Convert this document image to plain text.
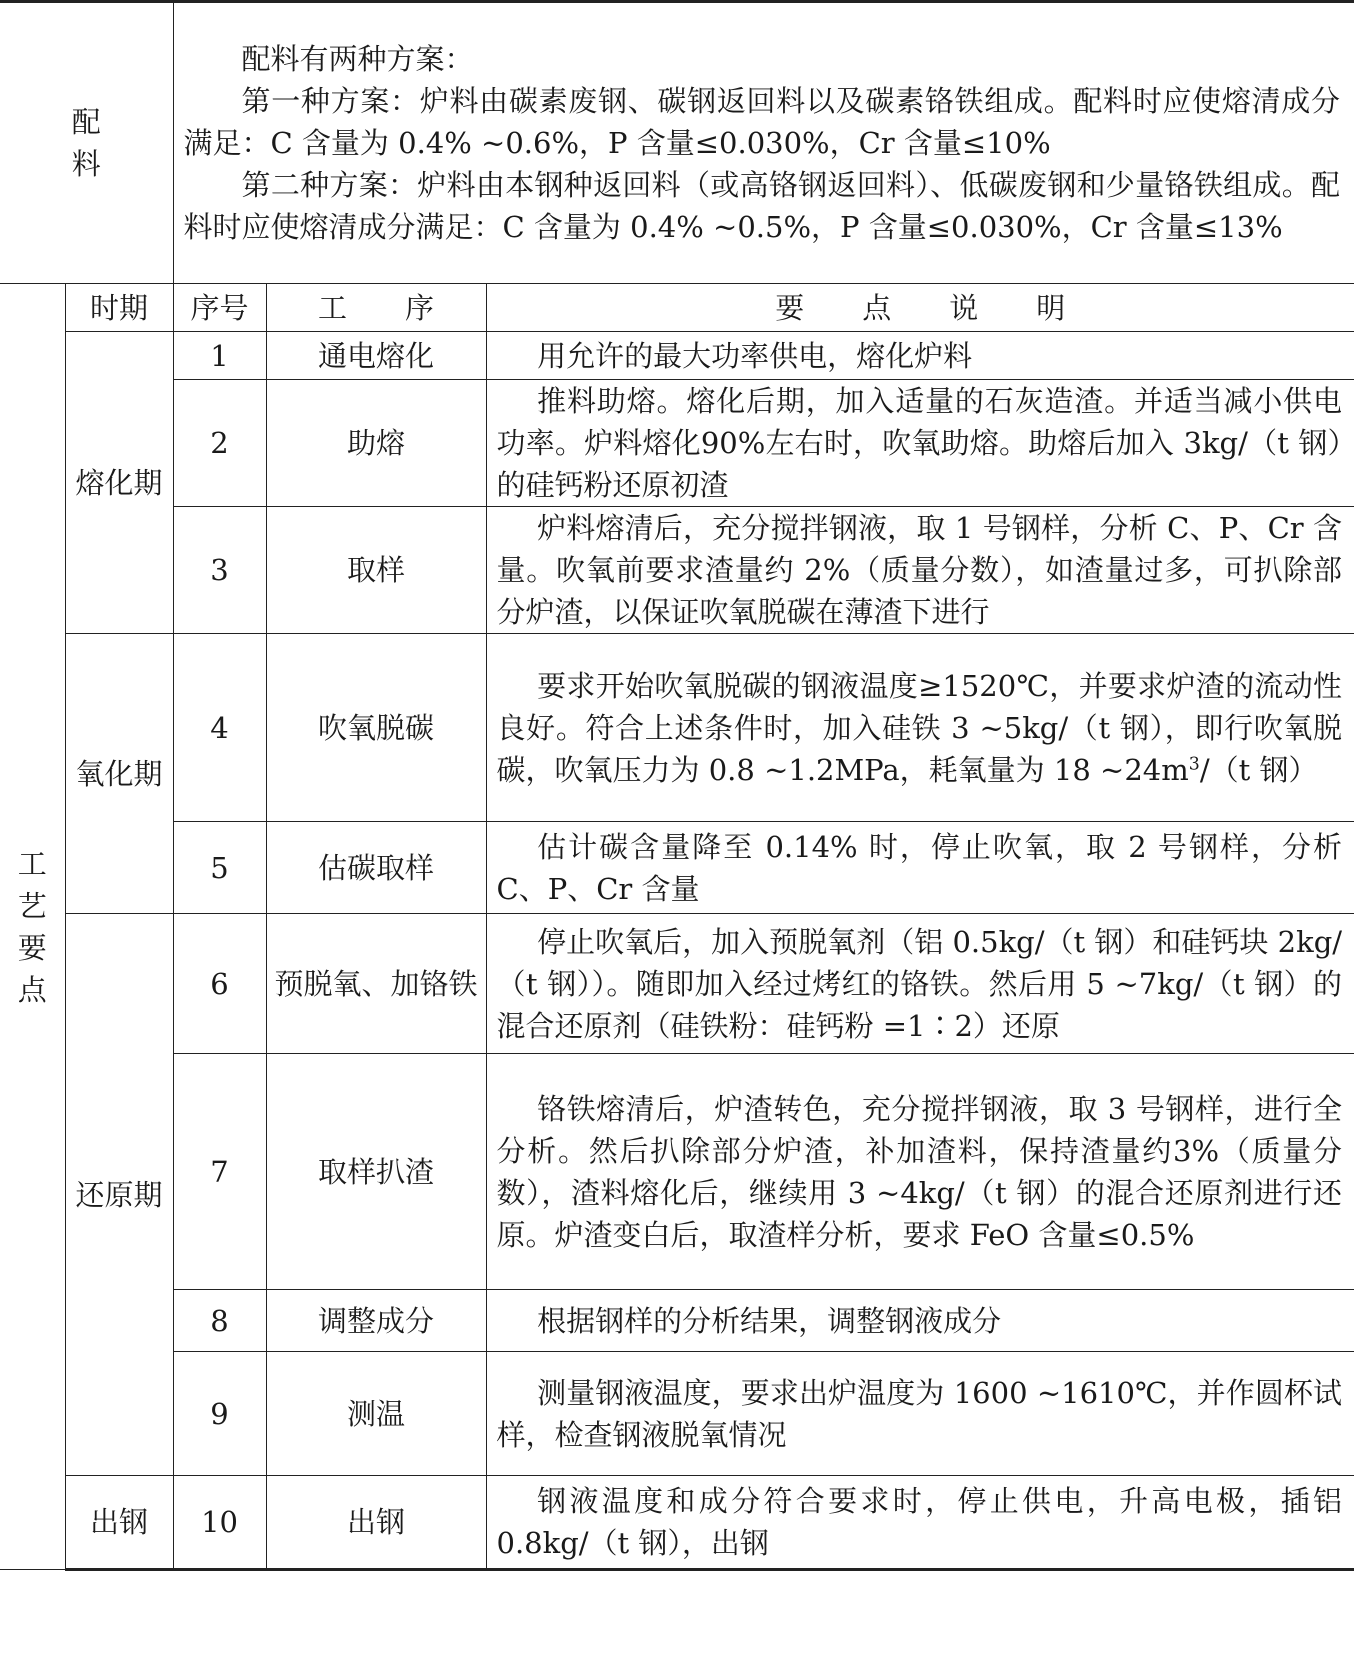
配料		配料有两种方案：

第一种方案：炉料由碳素废钢、碳钢返回料以及碳素铬铁组成。配料时应使熔清成分满足：C 含量为 0.4% ~0.6%，P 含量≤0.030%，Cr 含量≤10%

第二种方案：炉料由本钢种返回料（或高铬钢返回料）、低碳废钢和少量铬铁组成。配料时应使熔清成分满足：C 含量为 0.4% ~0.5%，P 含量≤0.030%，Cr 含量≤13%		

工
艺
要
点	时期	序号	工　　序	要　　点　　说　　明
	熔化期	1	通电熔化	用允许的最大功率供电，熔化炉料

		2	助熔	推料助熔。熔化后期，加入适量的石灰造渣。并适当减小供电功率。炉料熔化90%左右时，吹氧助熔。助熔后加入 3kg/（t 钢）的硅钙粉还原初渣

		3	取样	炉料熔清后，充分搅拌钢液，取 1 号钢样，分析 C、P、Cr 含量。吹氧前要求渣量约 2%（质量分数），如渣量过多，可扒除部分炉渣，以保证吹氧脱碳在薄渣下进行

	氧化期	4	吹氧脱碳	要求开始吹氧脱碳的钢液温度≥1520℃，并要求炉渣的流动性良好。符合上述条件时，加入硅铁 3 ~5kg/（t 钢），即行吹氧脱碳，吹氧压力为 0.8 ~1.2MPa，耗氧量为 18 $\sim 24m^3/(t$ 钢）

		5	估碳取样	估计碳含量降至 0.14% 时，停止吹氧，取 2 号钢样，分析 C、P、Cr 含量

	还原期	6	预脱氧、加铬铁	停止吹氧后，加入预脱氧剂（铝 0.5kg/（t 钢）和硅钙块 2kg/（t 钢））。随即加入经过烤红的铬铁。然后用 5 ~7kg/（t 钢）的混合还原剂（硅铁粉：硅钙粉 =1∶2）还原

		7	取样扒渣	铬铁熔清后，炉渣转色，充分搅拌钢液，取 3 号钢样，进行全分析。然后扒除部分炉渣，补加渣料，保持渣量约3%（质量分数），渣料熔化后，继续用 3 ~4kg/（t 钢）的混合还原剂进行还原。炉渣变白后，取渣样分析，要求 FeO 含量≤0.5%

		8	调整成分	根据钢样的分析结果，调整钢液成分

		9	测温	测量钢液温度，要求出炉温度为 1600 ~1610℃，并作圆杯试样，检查钢液脱氧情况

	出钢	10	出钢	钢液温度和成分符合要求时，停止供电，升高电极，插铝 0.8kg/（t 钢），出钢
